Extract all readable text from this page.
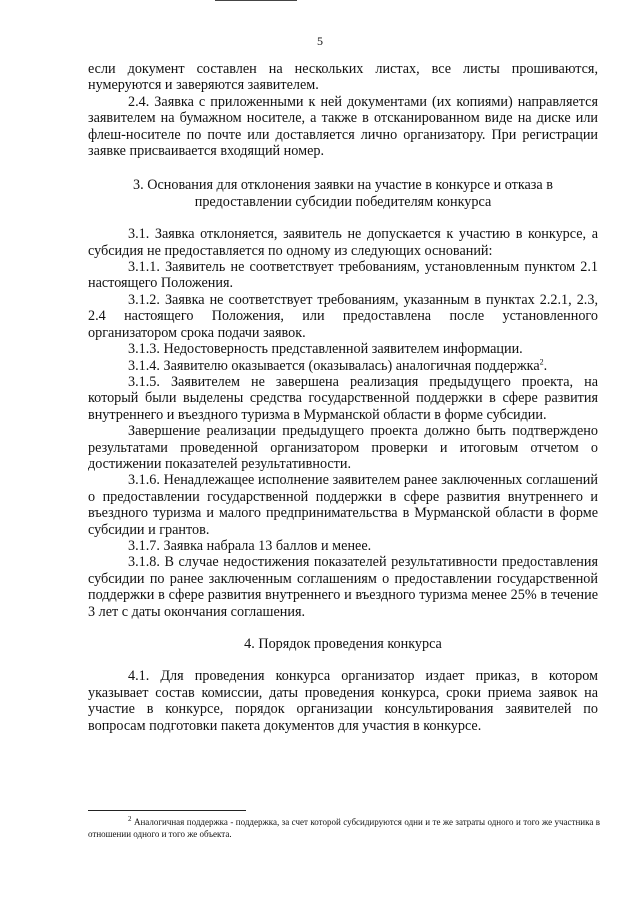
5

если документ составлен на нескольких листах, все листы прошиваются, нумеруются и заверяются заявителем.

2.4. Заявка с приложенными к ней документами (их копиями) направляется заявителем на бумажном носителе, а также в отсканированном виде на диске или флеш-носителе по почте или доставляется лично организатору. При регистрации заявке присваивается входящий номер.

3. Основания для отклонения заявки на участие в конкурсе и отказа в предоставлении субсидии победителям конкурса

3.1. Заявка отклоняется, заявитель не допускается к участию в конкурсе, а субсидия не предоставляется по одному из следующих оснований:

3.1.1. Заявитель не соответствует требованиям, установленным пунктом 2.1 настоящего Положения.

3.1.2. Заявка не соответствует требованиям, указанным в пунктах 2.2.1, 2.3, 2.4 настоящего Положения, или предоставлена после установленного организатором срока подачи заявок.

3.1.3. Недостоверность представленной заявителем информации.

3.1.4. Заявителю оказывается (оказывалась) аналогичная поддержка$^2$.

3.1.5. Заявителем не завершена реализация предыдущего проекта, на который были выделены средства государственной поддержки в сфере развития внутреннего и въездного туризма в Мурманской области в форме субсидии.

Завершение реализации предыдущего проекта должно быть подтверждено результатами проведенной организатором проверки и итоговым отчетом о достижении показателей результативности.

3.1.6. Ненадлежащее исполнение заявителем ранее заключенных соглашений о предоставлении государственной поддержки в сфере развития внутреннего и въездного туризма и малого предпринимательства в Мурманской области в форме субсидии и грантов.

3.1.7. Заявка набрала 13 баллов и менее.

3.1.8. В случае недостижения показателей результативности предоставления субсидии по ранее заключенным соглашениям о предоставлении государственной поддержки в сфере развития внутреннего и въездного туризма менее 25% в течение 3 лет с даты окончания соглашения.

4. Порядок проведения конкурса

4.1. Для проведения конкурса организатор издает приказ, в котором указывает состав комиссии, даты проведения конкурса, сроки приема заявок на участие в конкурсе, порядок организации консультирования заявителей по вопросам подготовки пакета документов для участия в конкурсе.

$^2$ Аналогичная поддержка - поддержка, за счет которой субсидируются одни и те же затраты одного и того же участника в отношении одного и того же объекта.
